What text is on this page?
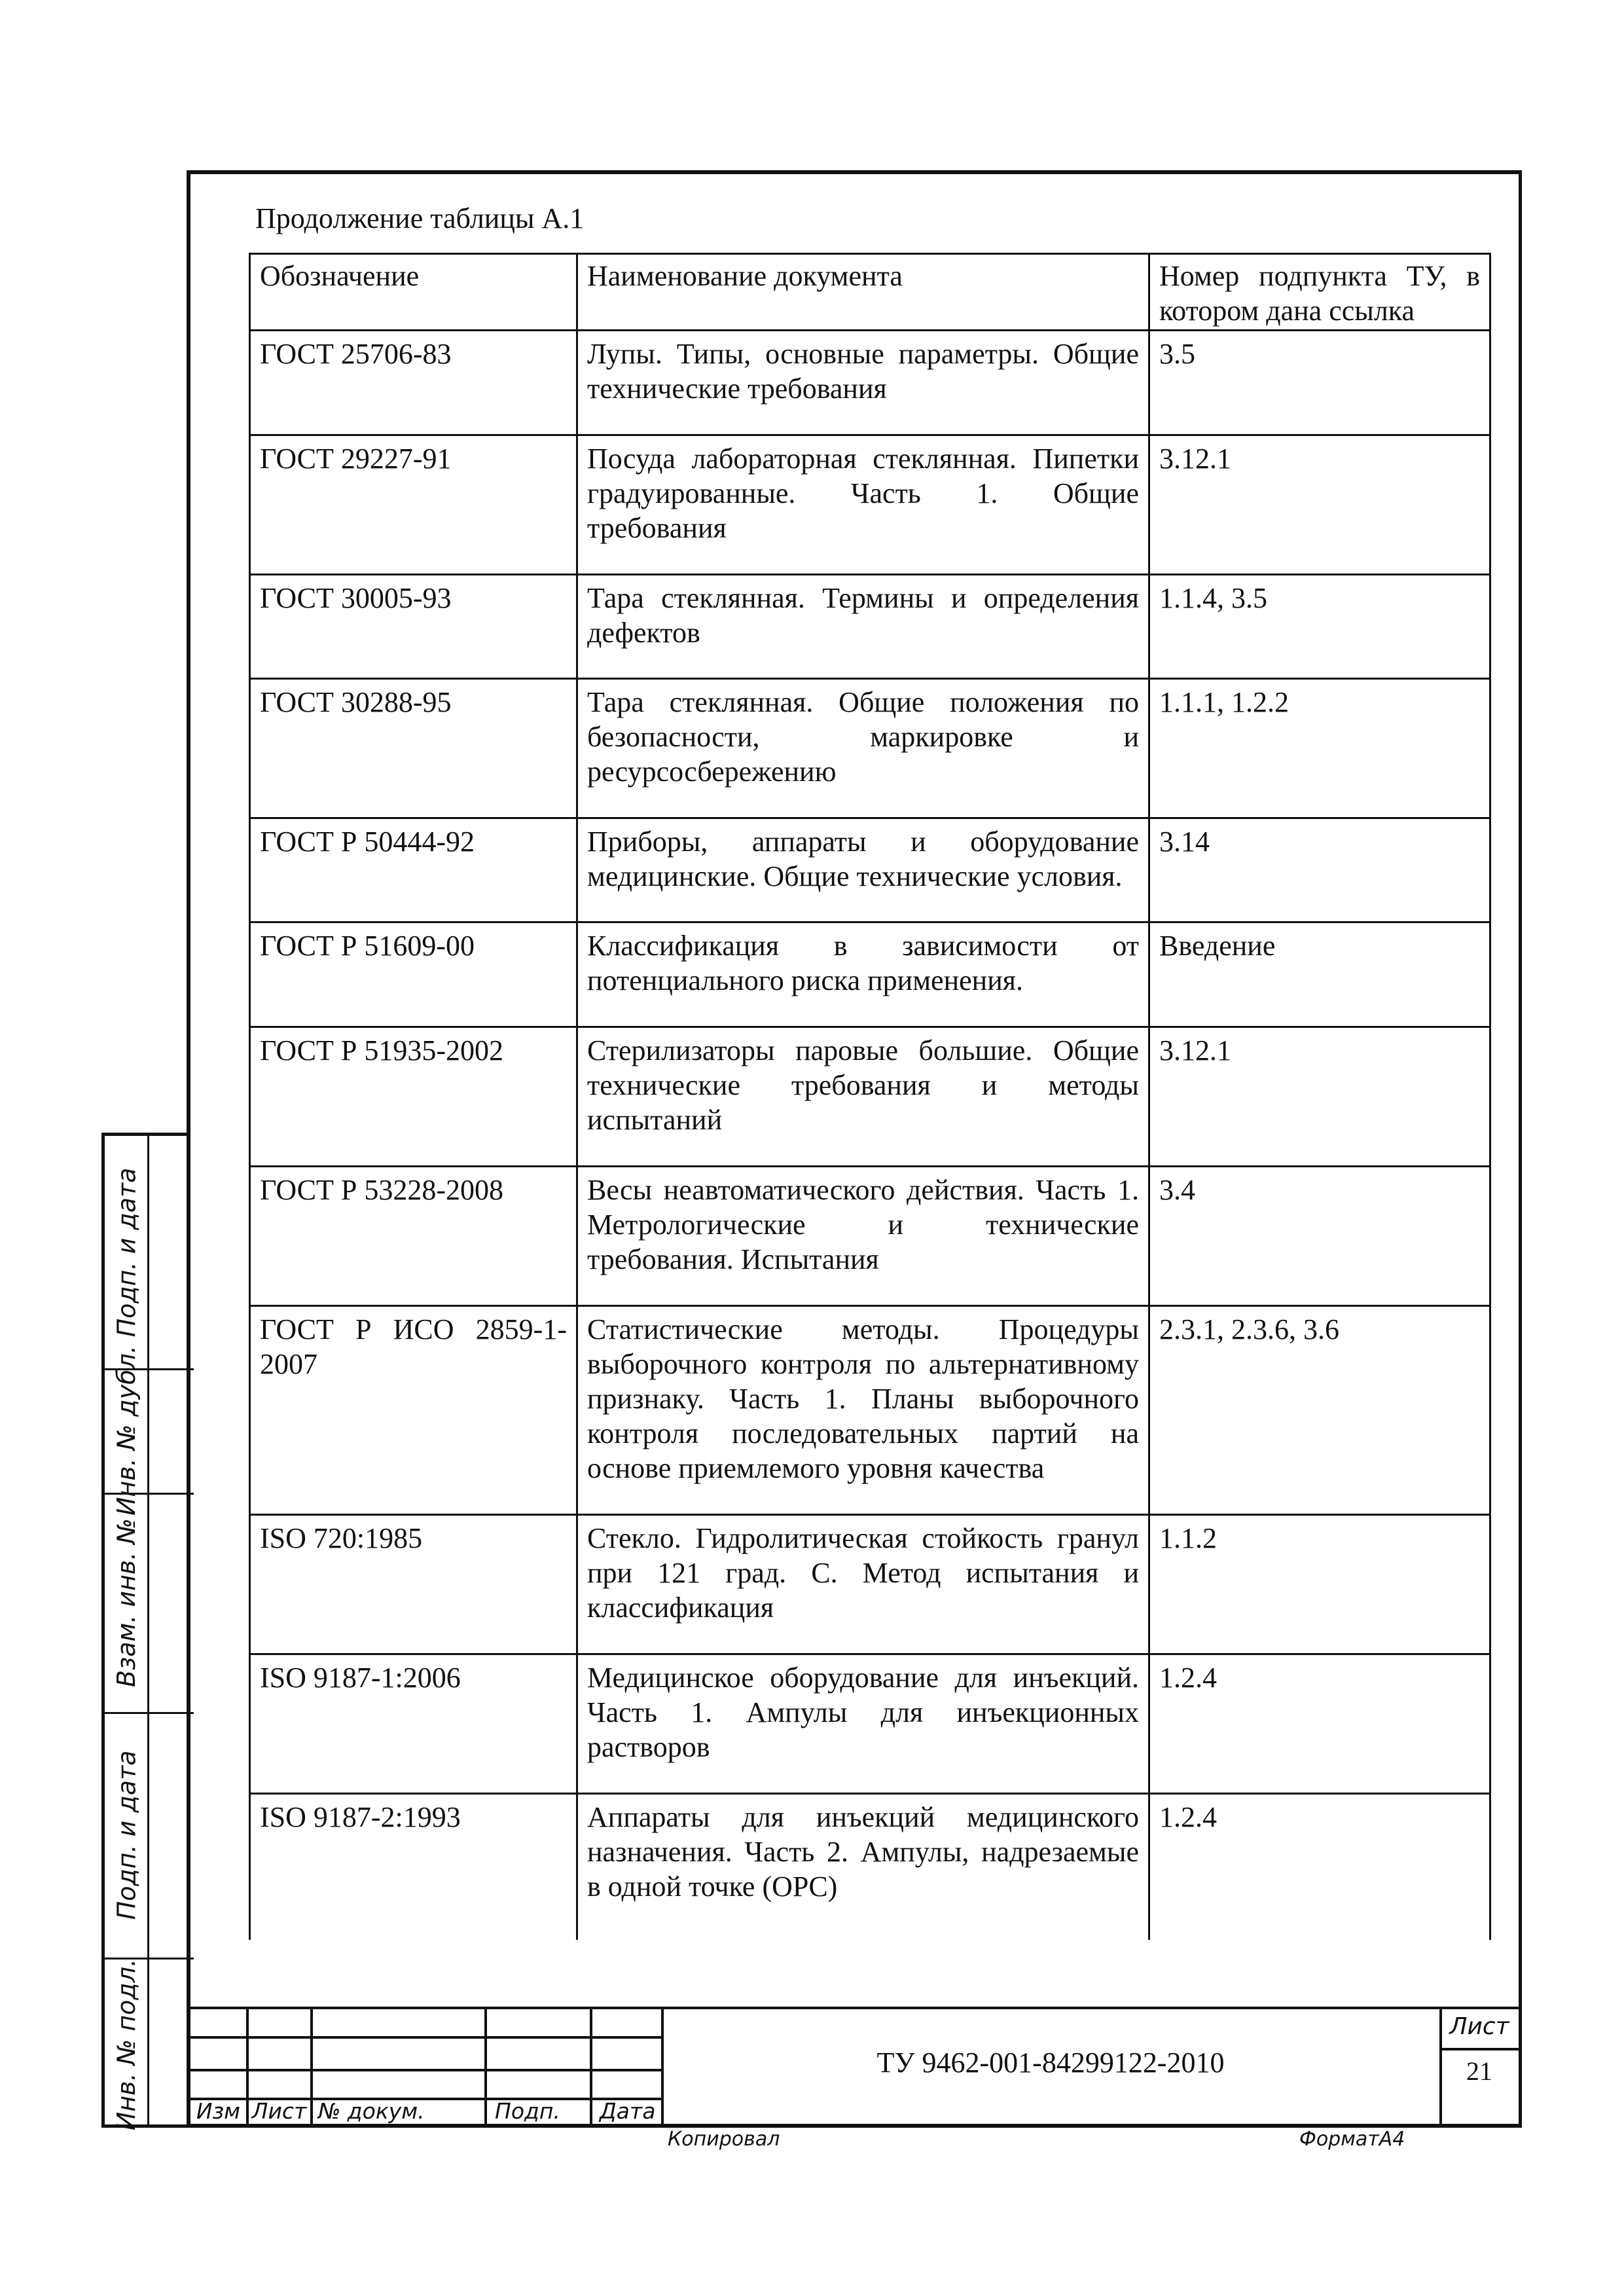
Продолжение таблицы А.1
Обозначение	Наименование документа	Номер подпункта ТУ, в котором дана ссылка
ГОСТ 25706-83	Лупы. Типы, основные параметры. Общие технические требования	3.5
ГОСТ 29227-91	Посуда лабораторная стеклянная. Пипетки градуированные. Часть 1. Общие требования	3.12.1
ГОСТ 30005-93	Тара стеклянная. Термины и определения дефектов	1.1.4, 3.5
ГОСТ 30288-95	Тара стеклянная. Общие положения по безопасности, маркировке и ресурсосбережению	1.1.1, 1.2.2
ГОСТ Р 50444-92	Приборы, аппараты и оборудование медицинские. Общие технические условия.	3.14
ГОСТ Р 51609-00	Классификация в зависимости от потенциального риска применения.	Введение
ГОСТ Р 51935-2002	Стерилизаторы паровые большие. Общие технические требования и методы испытаний	3.12.1
ГОСТ Р 53228-2008	Весы неавтоматического действия. Часть 1. Метрологические и технические требования. Испытания	3.4
ГОСТ Р ИСО 2859-1-2007	Статистические методы. Процедуры выборочного контроля по альтернативному признаку. Часть 1. Планы выборочного контроля последовательных партий на основе приемлемого уровня качества	2.3.1, 2.3.6, 3.6
ISO 720:1985	Стекло. Гидролитическая стойкость гранул при 121 град. С. Метод испытания и классификация	1.1.2
ISO 9187-1:2006	Медицинское оборудование для инъекций. Часть 1. Ампулы для инъекционных растворов	1.2.4
ISO 9187-2:1993	Аппараты для инъекций медицинского назначения. Часть 2. Ампулы, надрезаемые в одной точке (OPC)	1.2.4
Подп. и дата
Инв. № дубл.
Взам. инв. №
Подп. и дата
Инв. № подл.	Изм Лист № докум.	Подп.	Дата
ТУ 9462-001-84299122-2010
Лист
21
Копировал	ФорматА4
